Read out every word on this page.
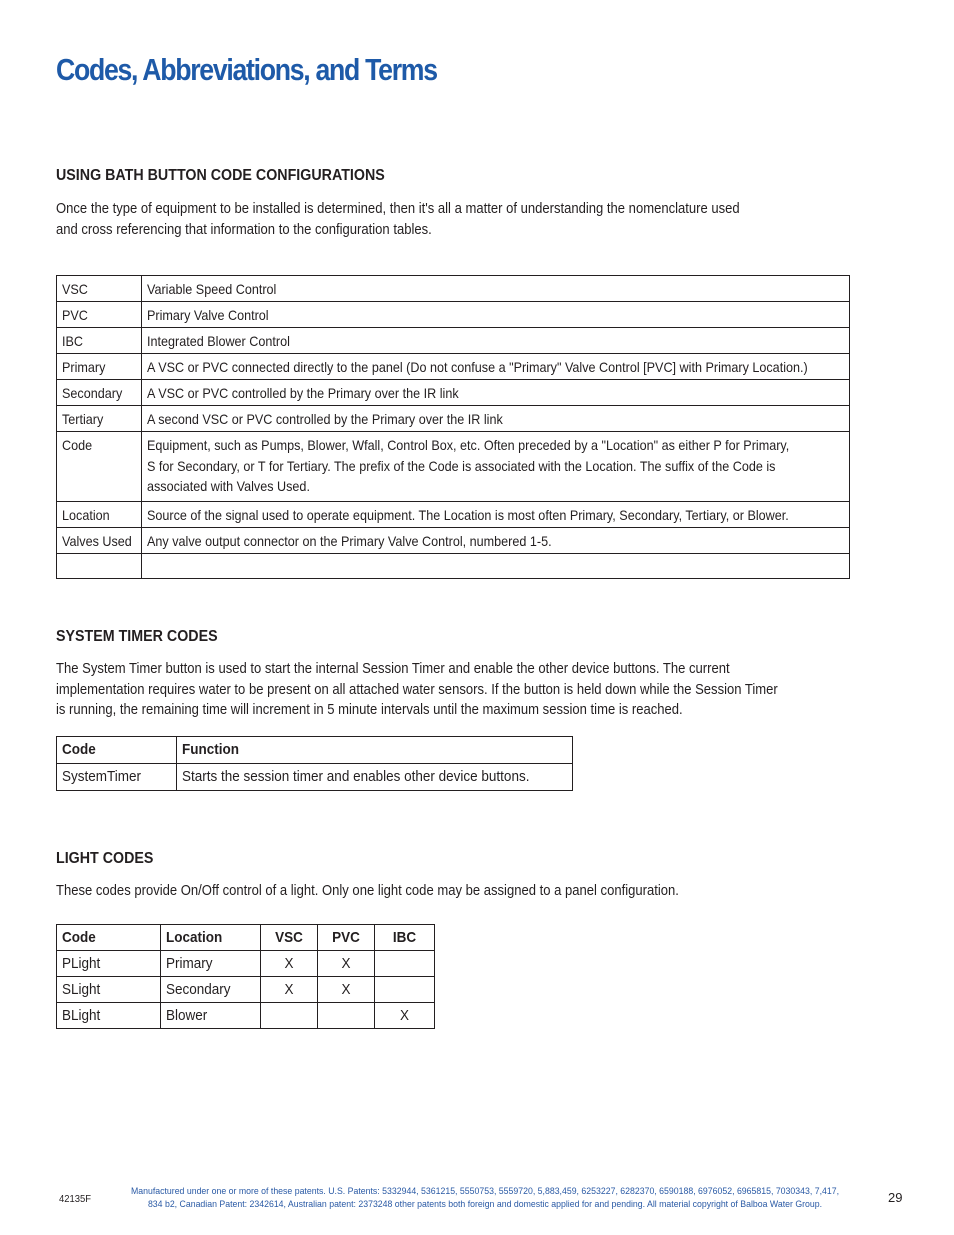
Codes, Abbreviations, and Terms
USING BATH BUTTON CODE CONFIGURATIONS
Once the type of equipment to be installed is determined, then it's all a matter of understanding the nomenclature used
and cross referencing that information to the configuration tables.
VSC	Variable Speed Control

PVC	Primary Valve Control

IBC	Integrated Blower Control

Primary	A VSC or PVC connected directly to the panel (Do not confuse a "Primary" Valve Control [PVC] with Primary Location.)

Secondary	A VSC or PVC controlled by the Primary over the IR link

Tertiary	A second VSC or PVC controlled by the Primary over the IR link

Code	Equipment, such as Pumps, Blower, Wfall, Control Box, etc. Often preceded by a "Location" as either P for Primary, S for Secondary, or T for Tertiary. The prefix of the Code is associated with the Location. The suffix of the Code is associated with Valves Used.

Location	Source of the signal used to operate equipment. The Location is most often Primary, Secondary, Tertiary, or Blower.

Valves Used	Any valve output connector on the Primary Valve Control, numbered 1-5.

SYSTEM TIMER CODES
The System Timer button is used to start the internal Session Timer and enable the other device buttons. The current
implementation requires water to be present on all attached water sensors. If the button is held down while the Session Timer
is running, the remaining time will increment in 5 minute intervals until the maximum session time is reached.
Code	Function

SystemTimer	Starts the session timer and enables other device buttons.
LIGHT CODES
These codes provide On/Off control of a light. Only one light code may be assigned to a panel configuration.
Code	Location	VSC	PVC	IBC

PLight	Primary	X	X	

SLight	Secondary	X	X	

BLight	Blower			X
42135F
Manufactured under one or more of these patents. U.S. Patents: 5332944, 5361215, 5550753, 5559720, 5,883,459, 6253227, 6282370, 6590188, 6976052, 6965815, 7030343, 7,417,
834 b2, Canadian Patent: 2342614, Australian patent: 2373248 other patents both foreign and domestic applied for and pending. All material copyright of Balboa Water Group.	29
